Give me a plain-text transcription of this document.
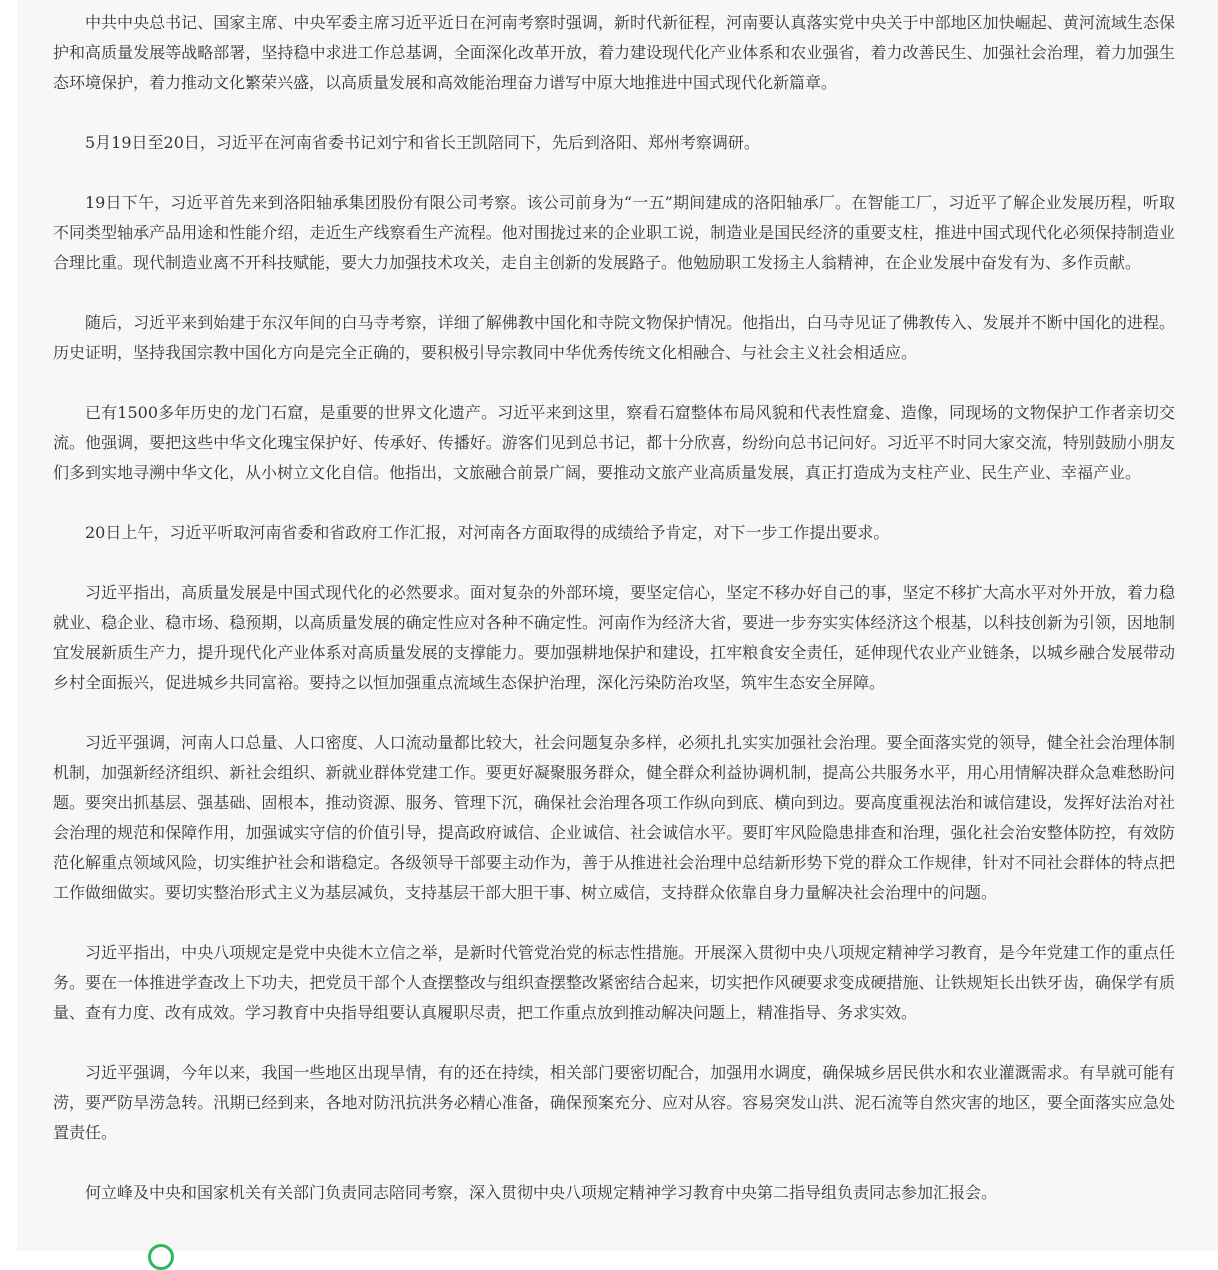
中共中央总书记、国家主席、中央军委主席习近平近日在河南考察时强调，新时代新征程，河南要认真落实党中央关于中部地区加快崛起、黄河流域生态保护和高质量发展等战略部署，坚持稳中求进工作总基调，全面深化改革开放，着力建设现代化产业体系和农业强省，着力改善民生、加强社会治理，着力加强生态环境保护，着力推动文化繁荣兴盛，以高质量发展和高效能治理奋力谱写中原大地推进中国式现代化新篇章。

5月19日至20日，习近平在河南省委书记刘宁和省长王凯陪同下，先后到洛阳、郑州考察调研。

19日下午，习近平首先来到洛阳轴承集团股份有限公司考察。该公司前身为“一五”期间建成的洛阳轴承厂。在智能工厂，习近平了解企业发展历程，听取不同类型轴承产品用途和性能介绍，走近生产线察看生产流程。他对围拢过来的企业职工说，制造业是国民经济的重要支柱，推进中国式现代化必须保持制造业合理比重。现代制造业离不开科技赋能，要大力加强技术攻关，走自主创新的发展路子。他勉励职工发扬主人翁精神，在企业发展中奋发有为、多作贡献。

随后，习近平来到始建于东汉年间的白马寺考察，详细了解佛教中国化和寺院文物保护情况。他指出，白马寺见证了佛教传入、发展并不断中国化的进程。历史证明，坚持我国宗教中国化方向是完全正确的，要积极引导宗教同中华优秀传统文化相融合、与社会主义社会相适应。

已有1500多年历史的龙门石窟，是重要的世界文化遗产。习近平来到这里，察看石窟整体布局风貌和代表性窟龛、造像，同现场的文物保护工作者亲切交流。他强调，要把这些中华文化瑰宝保护好、传承好、传播好。游客们见到总书记，都十分欣喜，纷纷向总书记问好。习近平不时同大家交流，特别鼓励小朋友们多到实地寻溯中华文化，从小树立文化自信。他指出，文旅融合前景广阔，要推动文旅产业高质量发展，真正打造成为支柱产业、民生产业、幸福产业。

20日上午，习近平听取河南省委和省政府工作汇报，对河南各方面取得的成绩给予肯定，对下一步工作提出要求。

习近平指出，高质量发展是中国式现代化的必然要求。面对复杂的外部环境，要坚定信心，坚定不移办好自己的事，坚定不移扩大高水平对外开放，着力稳就业、稳企业、稳市场、稳预期，以高质量发展的确定性应对各种不确定性。河南作为经济大省，要进一步夯实实体经济这个根基，以科技创新为引领，因地制宜发展新质生产力，提升现代化产业体系对高质量发展的支撑能力。要加强耕地保护和建设，扛牢粮食安全责任，延伸现代农业产业链条，以城乡融合发展带动乡村全面振兴，促进城乡共同富裕。要持之以恒加强重点流域生态保护治理，深化污染防治攻坚，筑牢生态安全屏障。

习近平强调，河南人口总量、人口密度、人口流动量都比较大，社会问题复杂多样，必须扎扎实实加强社会治理。要全面落实党的领导，健全社会治理体制机制，加强新经济组织、新社会组织、新就业群体党建工作。要更好凝聚服务群众，健全群众利益协调机制，提高公共服务水平，用心用情解决群众急难愁盼问题。要突出抓基层、强基础、固根本，推动资源、服务、管理下沉，确保社会治理各项工作纵向到底、横向到边。要高度重视法治和诚信建设，发挥好法治对社会治理的规范和保障作用，加强诚实守信的价值引导，提高政府诚信、企业诚信、社会诚信水平。要盯牢风险隐患排查和治理，强化社会治安整体防控，有效防范化解重点领域风险，切实维护社会和谐稳定。各级领导干部要主动作为，善于从推进社会治理中总结新形势下党的群众工作规律，针对不同社会群体的特点把工作做细做实。要切实整治形式主义为基层减负，支持基层干部大胆干事、树立威信，支持群众依靠自身力量解决社会治理中的问题。

习近平指出，中央八项规定是党中央徙木立信之举，是新时代管党治党的标志性措施。开展深入贯彻中央八项规定精神学习教育，是今年党建工作的重点任务。要在一体推进学查改上下功夫，把党员干部个人查摆整改与组织查摆整改紧密结合起来，切实把作风硬要求变成硬措施、让铁规矩长出铁牙齿，确保学有质量、查有力度、改有成效。学习教育中央指导组要认真履职尽责，把工作重点放到推动解决问题上，精准指导、务求实效。

习近平强调，今年以来，我国一些地区出现旱情，有的还在持续，相关部门要密切配合，加强用水调度，确保城乡居民供水和农业灌溉需求。有旱就可能有涝，要严防旱涝急转。汛期已经到来，各地对防汛抗洪务必精心准备，确保预案充分、应对从容。容易突发山洪、泥石流等自然灾害的地区，要全面落实应急处置责任。

何立峰及中央和国家机关有关部门负责同志陪同考察，深入贯彻中央八项规定精神学习教育中央第二指导组负责同志参加汇报会。
